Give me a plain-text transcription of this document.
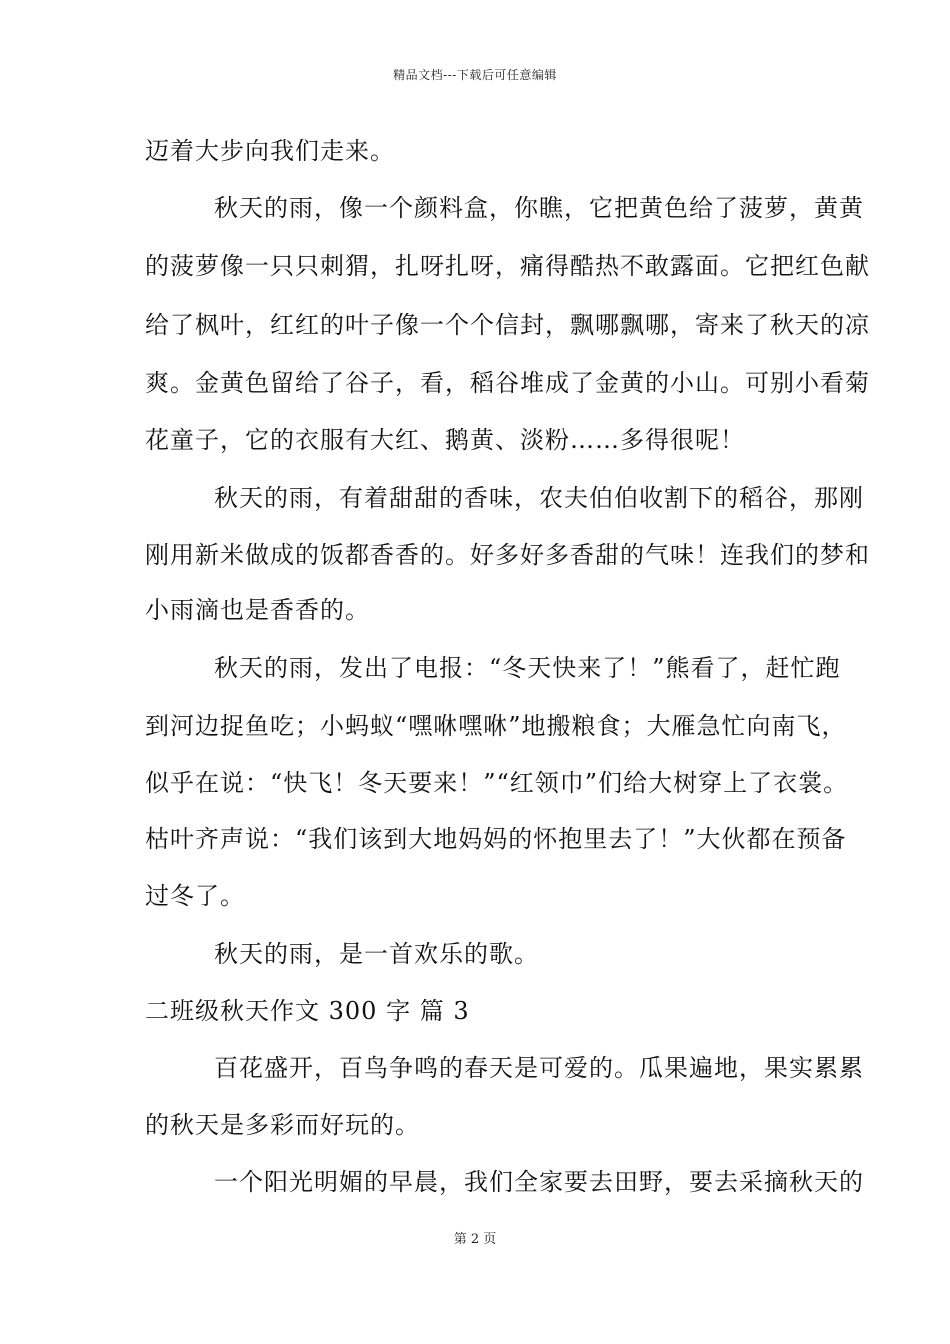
精品文档---下载后可任意编辑
迈着大步向我们走来。
秋天的雨，像一个颜料盒，你瞧，它把黄色给了菠萝，黄黄
的菠萝像一只只刺猬，扎呀扎呀，痛得酷热不敢露面。它把红色献
给了枫叶，红红的叶子像一个个信封，飘哪飘哪，寄来了秋天的凉
爽。金黄色留给了谷子，看，稻谷堆成了金黄的小山。可别小看菊
花童子，它的衣服有大红、鹅黄、淡粉……多得很呢！
秋天的雨，有着甜甜的香味，农夫伯伯收割下的稻谷，那刚
刚用新米做成的饭都香香的。好多好多香甜的气味！连我们的梦和
小雨滴也是香香的。
秋天的雨，发出了电报：“冬天快来了！”熊看了，赶忙跑
到河边捉鱼吃；小蚂蚁“嘿咻嘿咻”地搬粮食；大雁急忙向南飞，
似乎在说：“快飞！冬天要来！”“红领巾”们给大树穿上了衣裳。
枯叶齐声说：“我们该到大地妈妈的怀抱里去了！”大伙都在预备
过冬了。
秋天的雨，是一首欢乐的歌。
二班级秋天作文 300 字 篇 3
百花盛开，百鸟争鸣的春天是可爱的。瓜果遍地，果实累累
的秋天是多彩而好玩的。
一个阳光明媚的早晨，我们全家要去田野，要去采摘秋天的
第 2 页
